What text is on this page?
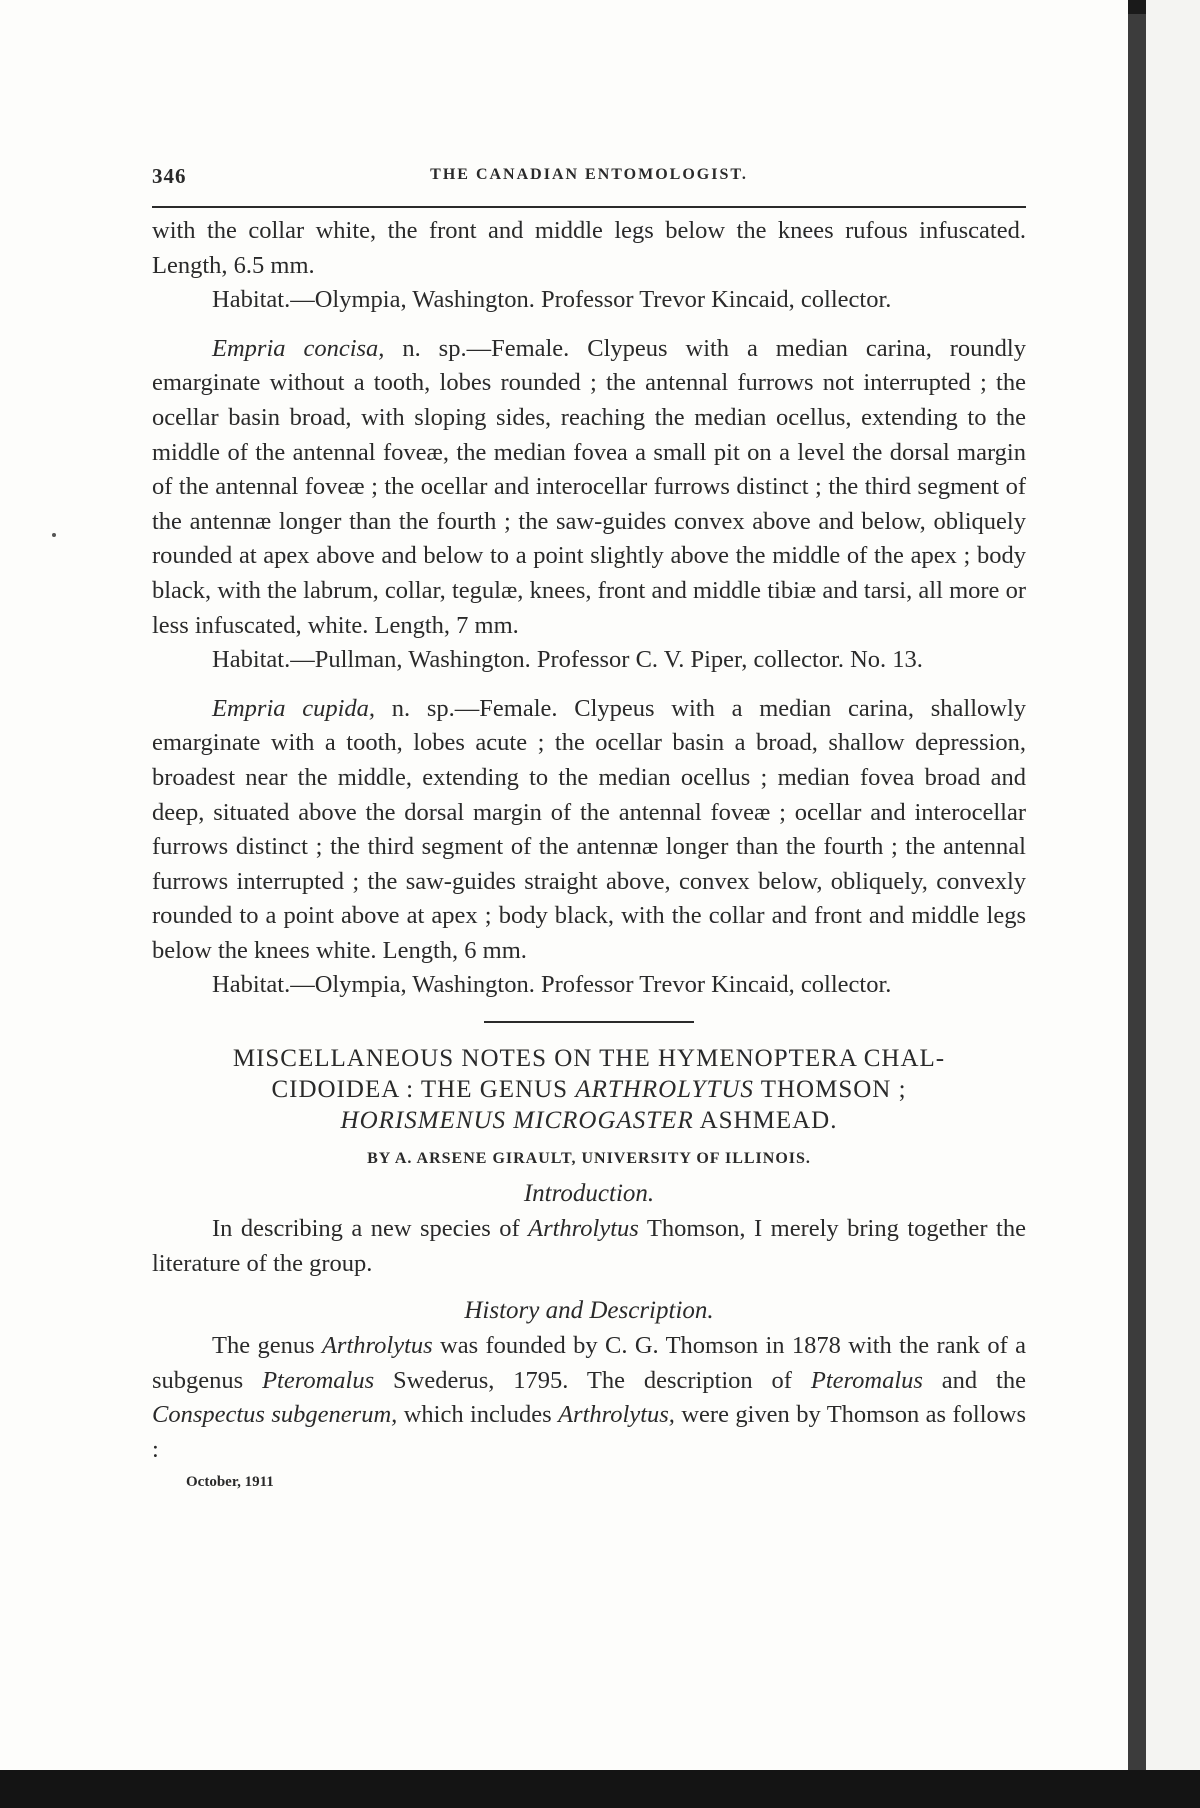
346	THE CANADIAN ENTOMOLOGIST.

with the collar white, the front and middle legs below the knees rufous infuscated. Length, 6.5 mm.

Habitat.—Olympia, Washington. Professor Trevor Kincaid, collector.

Empria concisa, n. sp.—Female. Clypeus with a median carina, roundly emarginate without a tooth, lobes rounded ; the antennal furrows not interrupted ; the ocellar basin broad, with sloping sides, reaching the median ocellus, extending to the middle of the antennal foveæ, the median fovea a small pit on a level the dorsal margin of the antennal foveæ ; the ocellar and interocellar furrows distinct ; the third segment of the antennæ longer than the fourth ; the saw-guides convex above and below, obliquely rounded at apex above and below to a point slightly above the middle of the apex ; body black, with the labrum, collar, tegulæ, knees, front and middle tibiæ and tarsi, all more or less infuscated, white. Length, 7 mm.

Habitat.—Pullman, Washington. Professor C. V. Piper, collector. No. 13.

Empria cupida, n. sp.—Female. Clypeus with a median carina, shallowly emarginate with a tooth, lobes acute ; the ocellar basin a broad, shallow depression, broadest near the middle, extending to the median ocellus ; median fovea broad and deep, situated above the dorsal margin of the antennal foveæ ; ocellar and interocellar furrows distinct ; the third segment of the antennæ longer than the fourth ; the antennal furrows interrupted ; the saw-guides straight above, convex below, obliquely, convexly rounded to a point above at apex ; body black, with the collar and front and middle legs below the knees white. Length, 6 mm.

Habitat.—Olympia, Washington. Professor Trevor Kincaid, collector.

MISCELLANEOUS NOTES ON THE HYMENOPTERA CHAL-
CIDOIDEA : THE GENUS ARTHROLYTUS THOMSON ;
HORISMENUS MICROGASTER ASHMEAD.
BY A. ARSENE GIRAULT, UNIVERSITY OF ILLINOIS.
Introduction.

In describing a new species of Arthrolytus Thomson, I merely bring together the literature of the group.

History and Description.

The genus Arthrolytus was founded by C. G. Thomson in 1878 with the rank of a subgenus Pteromalus Swederus, 1795. The description of Pteromalus and the Conspectus subgenerum, which includes Arthrolytus, were given by Thomson as follows :

October, 1911
